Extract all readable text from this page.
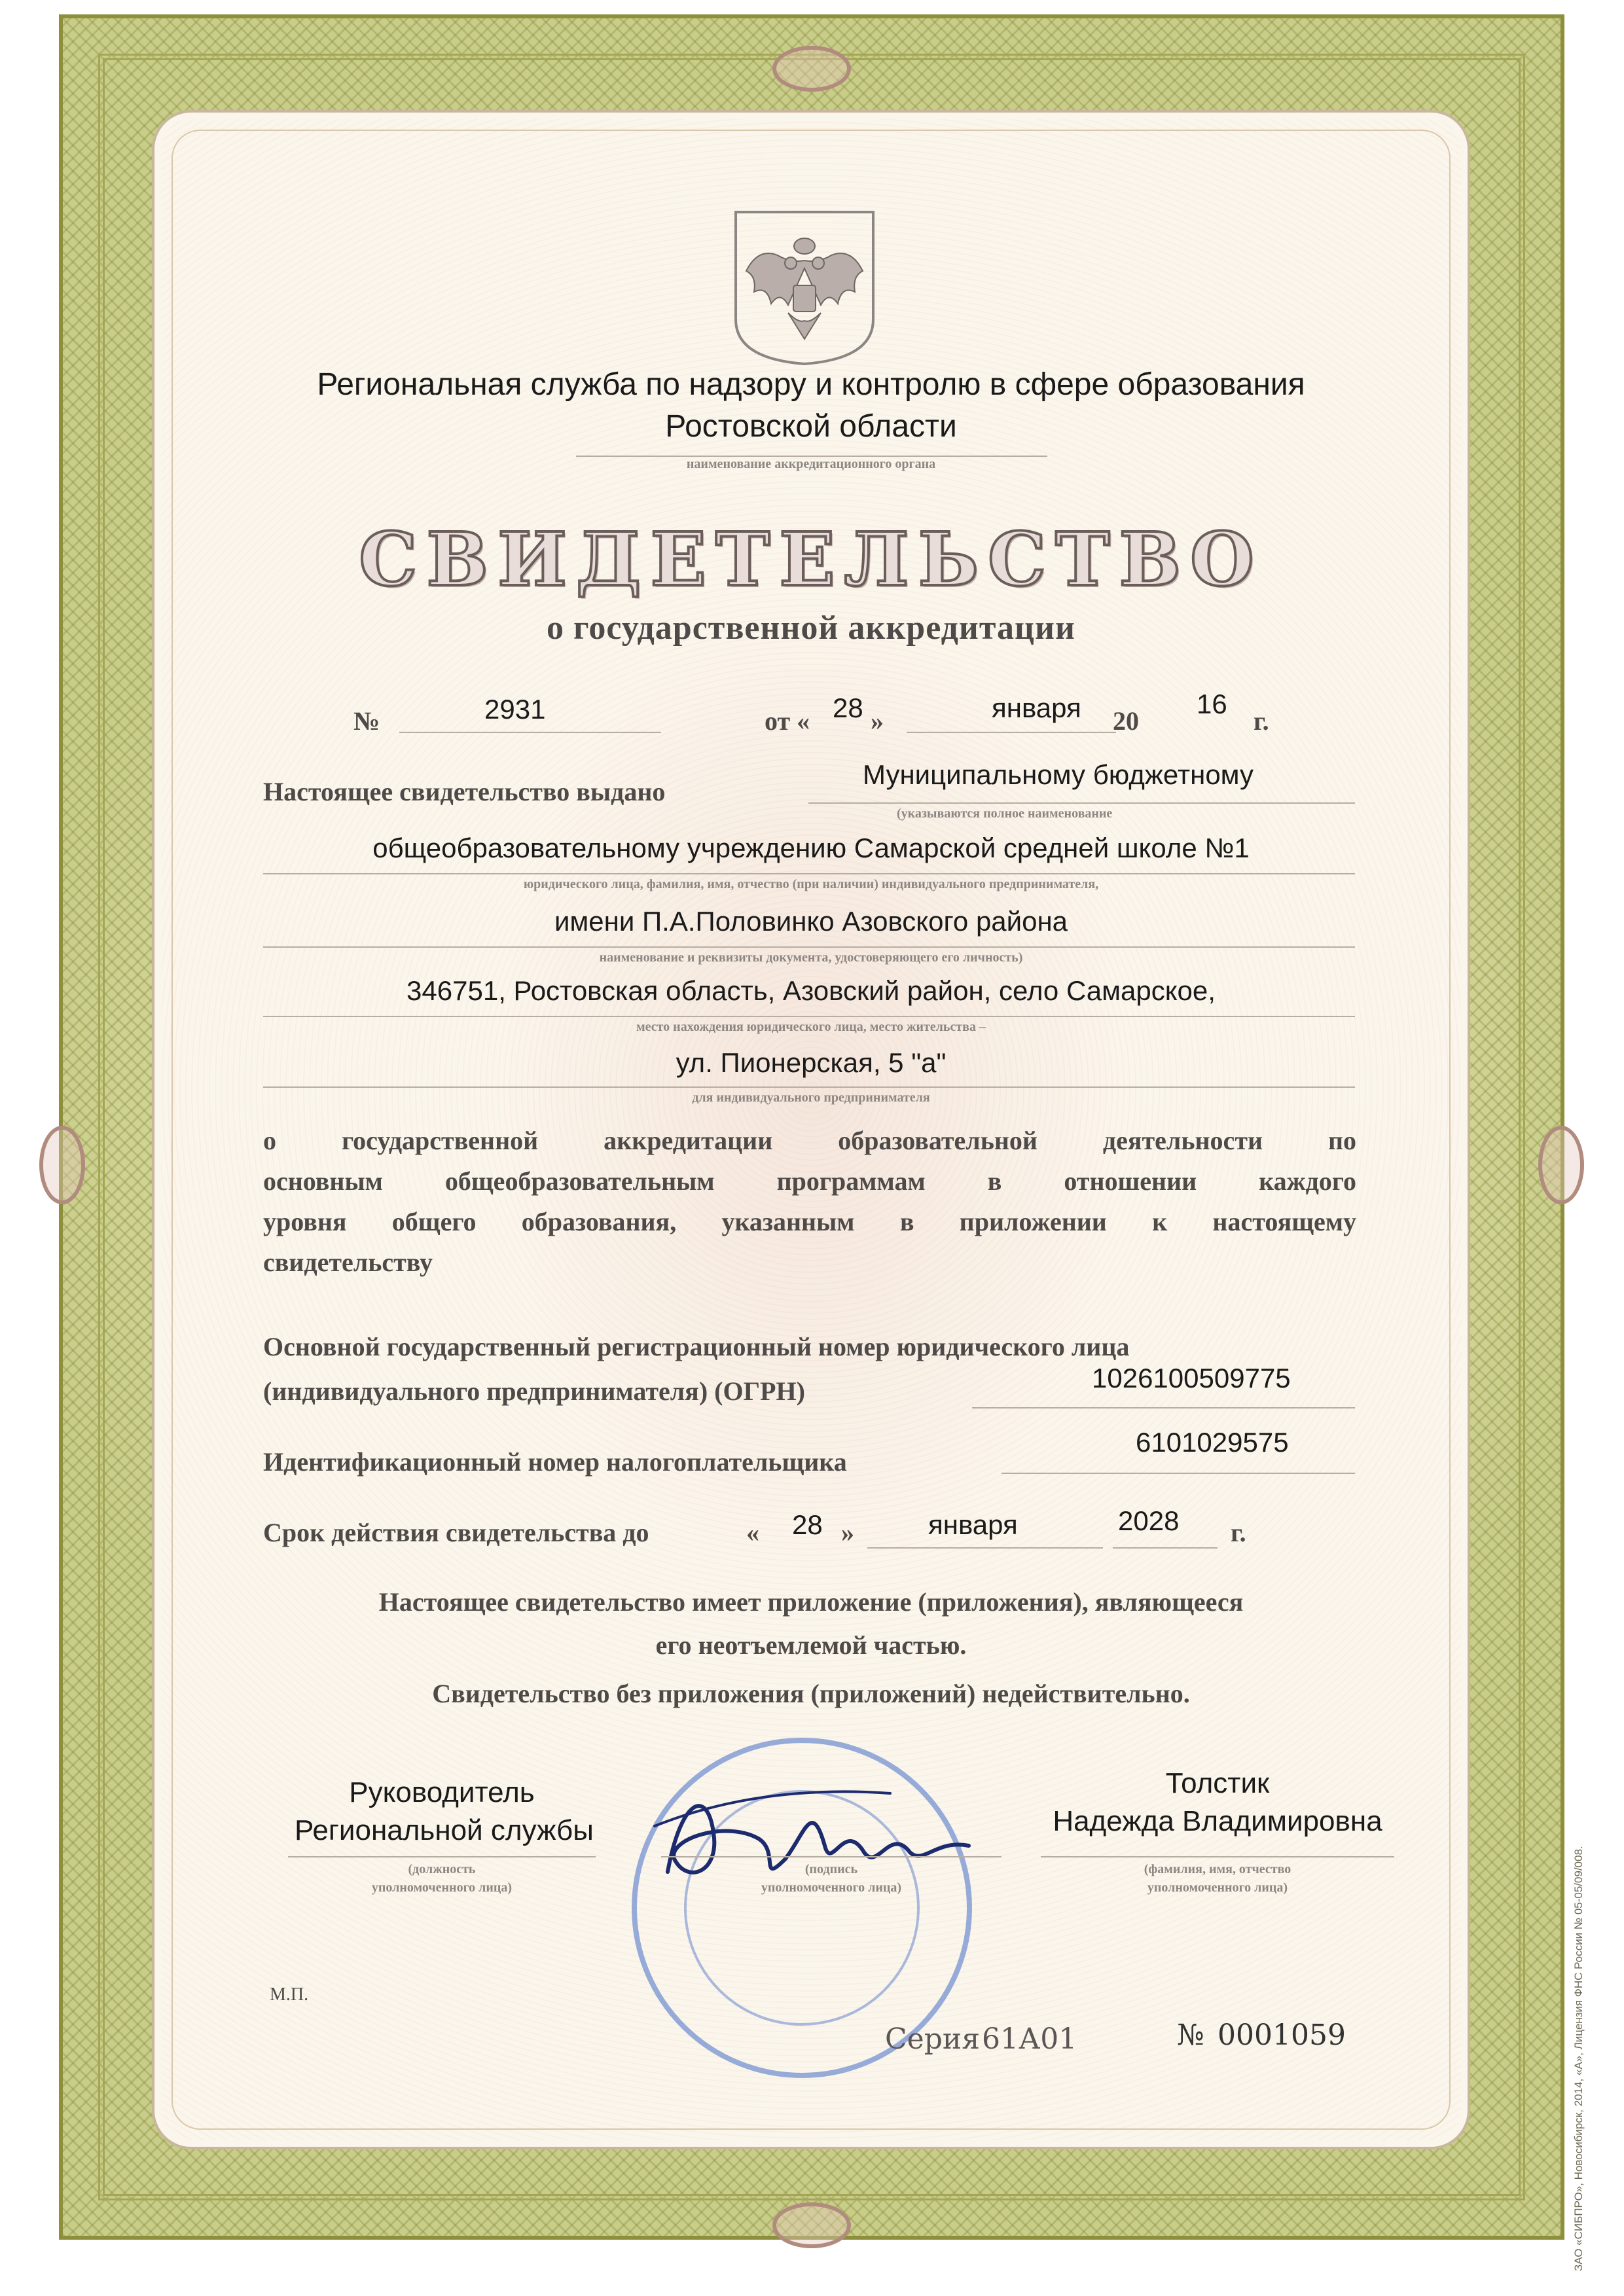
Региональная служба по надзору и контролю в сфере образования
Ростовской области
наименование аккредитационного органа
СВИДЕТЕЛЬСТВО
о государственной аккредитации
№	2931	от « 28 »	января 20
16
г.
Настоящее свидетельство выдано
Муниципальному бюджетному
(указываются полное наименование
общеобразовательному учреждению Самарской средней школе №1
юридического лица, фамилия, имя, отчество (при наличии) индивидуального предпринимателя,
имени П.А.Половинко Азовского района
наименование и реквизиты документа, удостоверяющего его личность)
346751, Ростовская область, Азовский район, село Самарское,
место нахождения юридического лица, место жительства –
ул. Пионерская, 5 "а"
для индивидуального предпринимателя
о государственной аккредитации образовательной деятельности по
основным общеобразовательным программам в отношении каждого
уровня общего образования, указанным в приложении к настоящему
свидетельству
Основной государственный регистрационный номер юридического лица
(индивидуального предпринимателя) (ОГРН)	1026100509775
Идентификационный номер налогоплательщика
6101029575
Срок действия свидетельства до	« 28 »	января	2028 г.
Настоящее свидетельство имеет приложение (приложения), являющееся
его неотъемлемой частью.
Свидетельство без приложения (приложений) недействительно.
Руководитель
Региональной службы
(должность
уполномоченного лица)
(подпись
уполномоченного лица)
Толстик
Надежда Владимировна
(фамилия, имя, отчество
уполномоченного лица)
М.П.
Серия 61А01	№ 0001059	ЗАО «СИБПРО», Новосибирск, 2014, «А», Лицензия ФНС России № 05-05/09/008.
